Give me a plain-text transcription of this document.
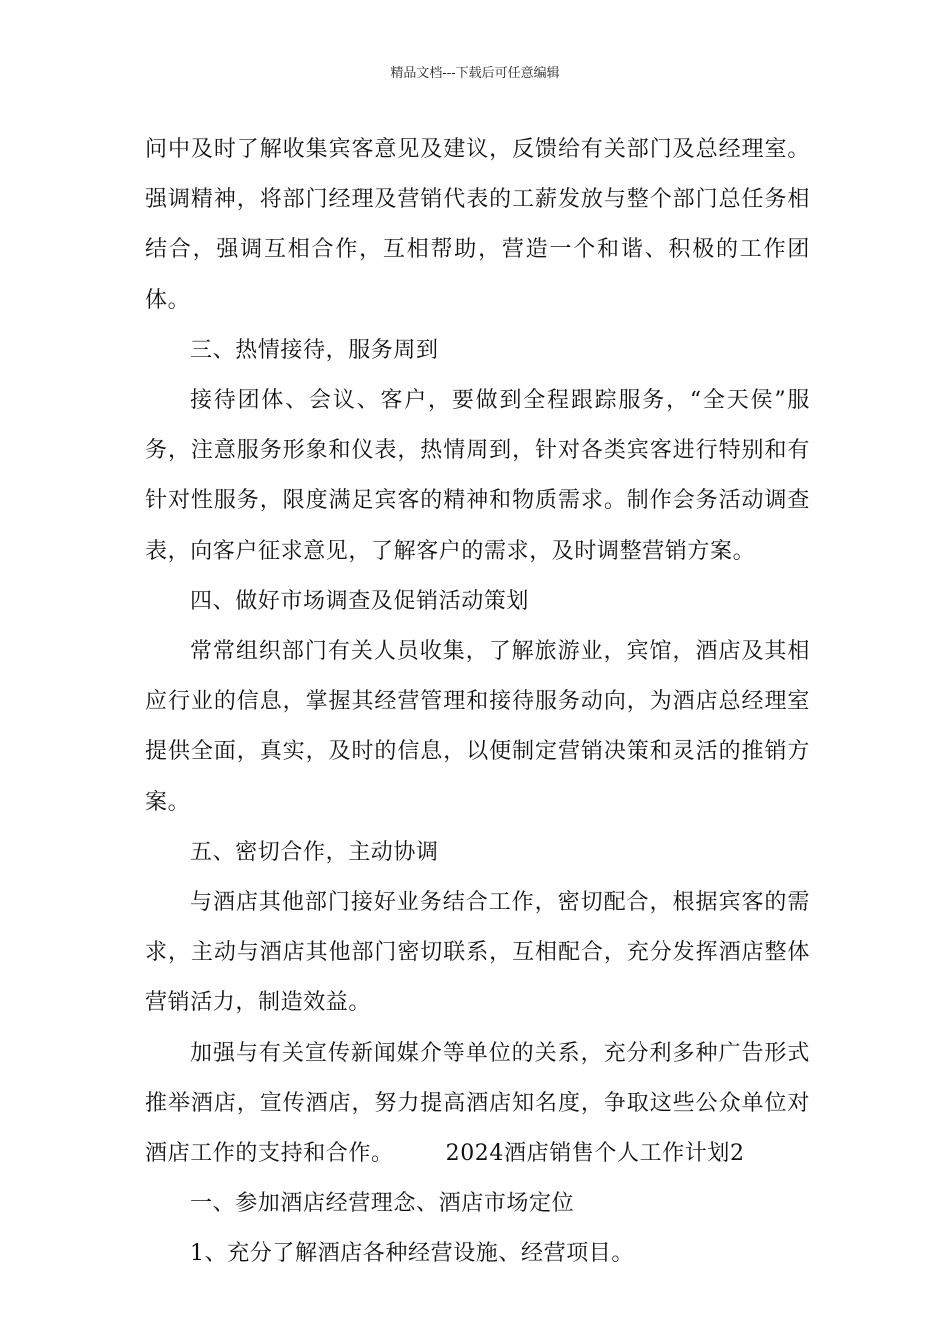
精品文档---下载后可任意编辑

问中及时了解收集宾客意见及建议，反馈给有关部门及总经理室。强调精神，将部门经理及营销代表的工薪发放与整个部门总任务相结合，强调互相合作，互相帮助，营造一个和谐、积极的工作团体。

三、热情接待，服务周到

接待团体、会议、客户，要做到全程跟踪服务，“全天侯”服务，注意服务形象和仪表，热情周到，针对各类宾客进行特别和有针对性服务，限度满足宾客的精神和物质需求。制作会务活动调查表，向客户征求意见，了解客户的需求，及时调整营销方案。

四、做好市场调查及促销活动策划

常常组织部门有关人员收集，了解旅游业，宾馆，酒店及其相应行业的信息，掌握其经营管理和接待服务动向，为酒店总经理室提供全面，真实，及时的信息，以便制定营销决策和灵活的推销方案。

五、密切合作，主动协调

与酒店其他部门接好业务结合工作，密切配合，根据宾客的需求，主动与酒店其他部门密切联系，互相配合，充分发挥酒店整体营销活力，制造效益。

加强与有关宣传新闻媒介等单位的关系，充分利多种广告形式推举酒店，宣传酒店，努力提高酒店知名度，争取这些公众单位对酒店工作的支持和合作。 2024酒店销售个人工作计划2

一、参加酒店经营理念、酒店市场定位

1、充分了解酒店各种经营设施、经营项目。
